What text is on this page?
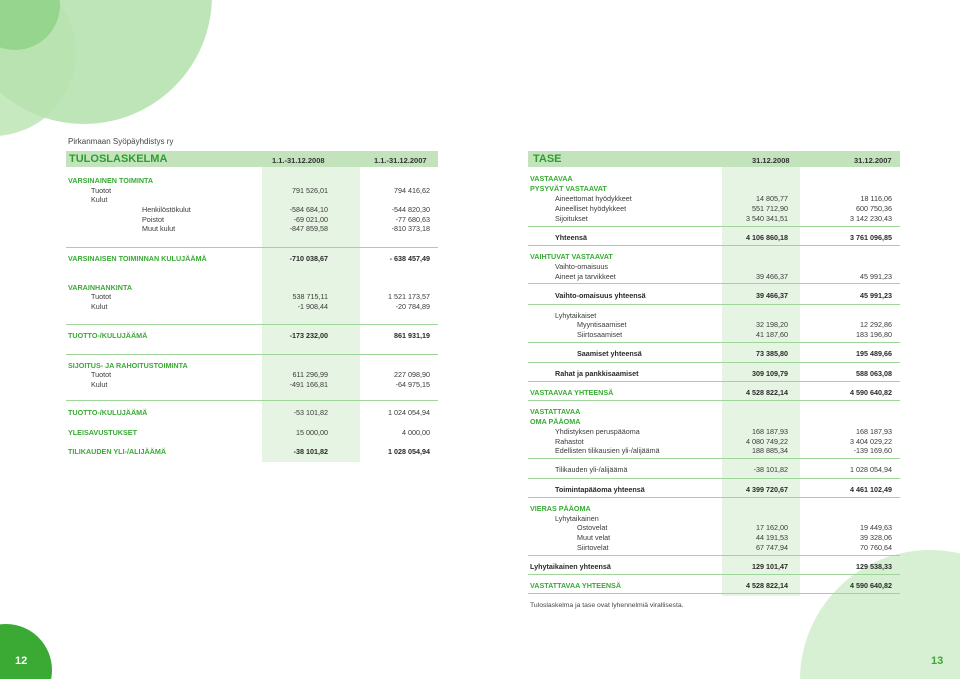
12	13
Pirkanmaan Syöpäyhdistys ry
TULOSLASKELMA	1.1.-31.12.2008	1.1.-31.12.2007
VARSINAINEN TOIMINTA
Tuotot	791 526,01	794 416,62
Kulut
Henkilöstökulut	-584 684,10	-544 820,30
Poistot	-69 021,00	-77 680,63
Muut kulut	-847 859,58	-810 373,18
VARSINAISEN TOIMINNAN KULUJÄÄMÄ	-710 038,67	- 638 457,49
VARAINHANKINTA
Tuotot	538 715,11	1 521 173,57
Kulut	-1 908,44	-20 784,89
TUOTTO-/KULUJÄÄMÄ	-173 232,00	861 931,19
SIJOITUS- JA RAHOITUSTOIMINTA
Tuotot	611 296,99	227 098,90
Kulut	-491 166,81	-64 975,15
TUOTTO-/KULUJÄÄMÄ	-53 101,82	1 024 054,94
YLEISAVUSTUKSET	15 000,00	4 000,00
TILIKAUDEN YLI-/ALIJÄÄMÄ	-38 101,82	1 028 054,94
TASE	31.12.2008	31.12.2007
VASTAAVAA
PYSYVÄT VASTAAVAT
Aineettomat hyödykkeet	14 805,77	18 116,06
Aineelliset hyödykkeet	551 712,90	600 750,36
Sijoitukset	3 540 341,51	3 142 230,43
Yhteensä	4 106 860,18	3 761 096,85
VAIHTUVAT VASTAAVAT
Vaihto-omaisuus
Aineet ja tarvikkeet	39 466,37	45 991,23
Vaihto-omaisuus yhteensä	39 466,37	45 991,23
Lyhytaikaiset
Myyntisaamiset	32 198,20	12 292,86
Siirtosaamiset	41 187,60	183 196,80
Saamiset yhteensä	73 385,80	195 489,66
Rahat ja pankkisaamiset	309 109,79	588 063,08
VASTAAVAA YHTEENSÄ	4 528 822,14	4 590 640,82
VASTATTAVAA
OMA PÄÄOMA
Yhdistyksen peruspääoma	168 187,93	168 187,93
Rahastot	4 080 749,22	3 404 029,22
Edellisten tilikausien yli-/alijäämä	188 885,34	-139 169,60
Tilikauden yli-/alijäämä	-38 101,82	1 028 054,94
Toimintapääoma yhteensä	4 399 720,67	4 461 102,49
VIERAS PÄÄOMA
Lyhytaikainen
Ostovelat	17 162,00	19 449,63
Muut velat	44 191,53	39 328,06
Siirtovelat	67 747,94	70 760,64
Lyhytaikainen yhteensä	129 101,47	129 538,33
VASTATTAVAA YHTEENSÄ	4 528 822,14	4 590 640,82
Tuloslaskelma ja tase ovat lyhennelmiä virallisesta.
